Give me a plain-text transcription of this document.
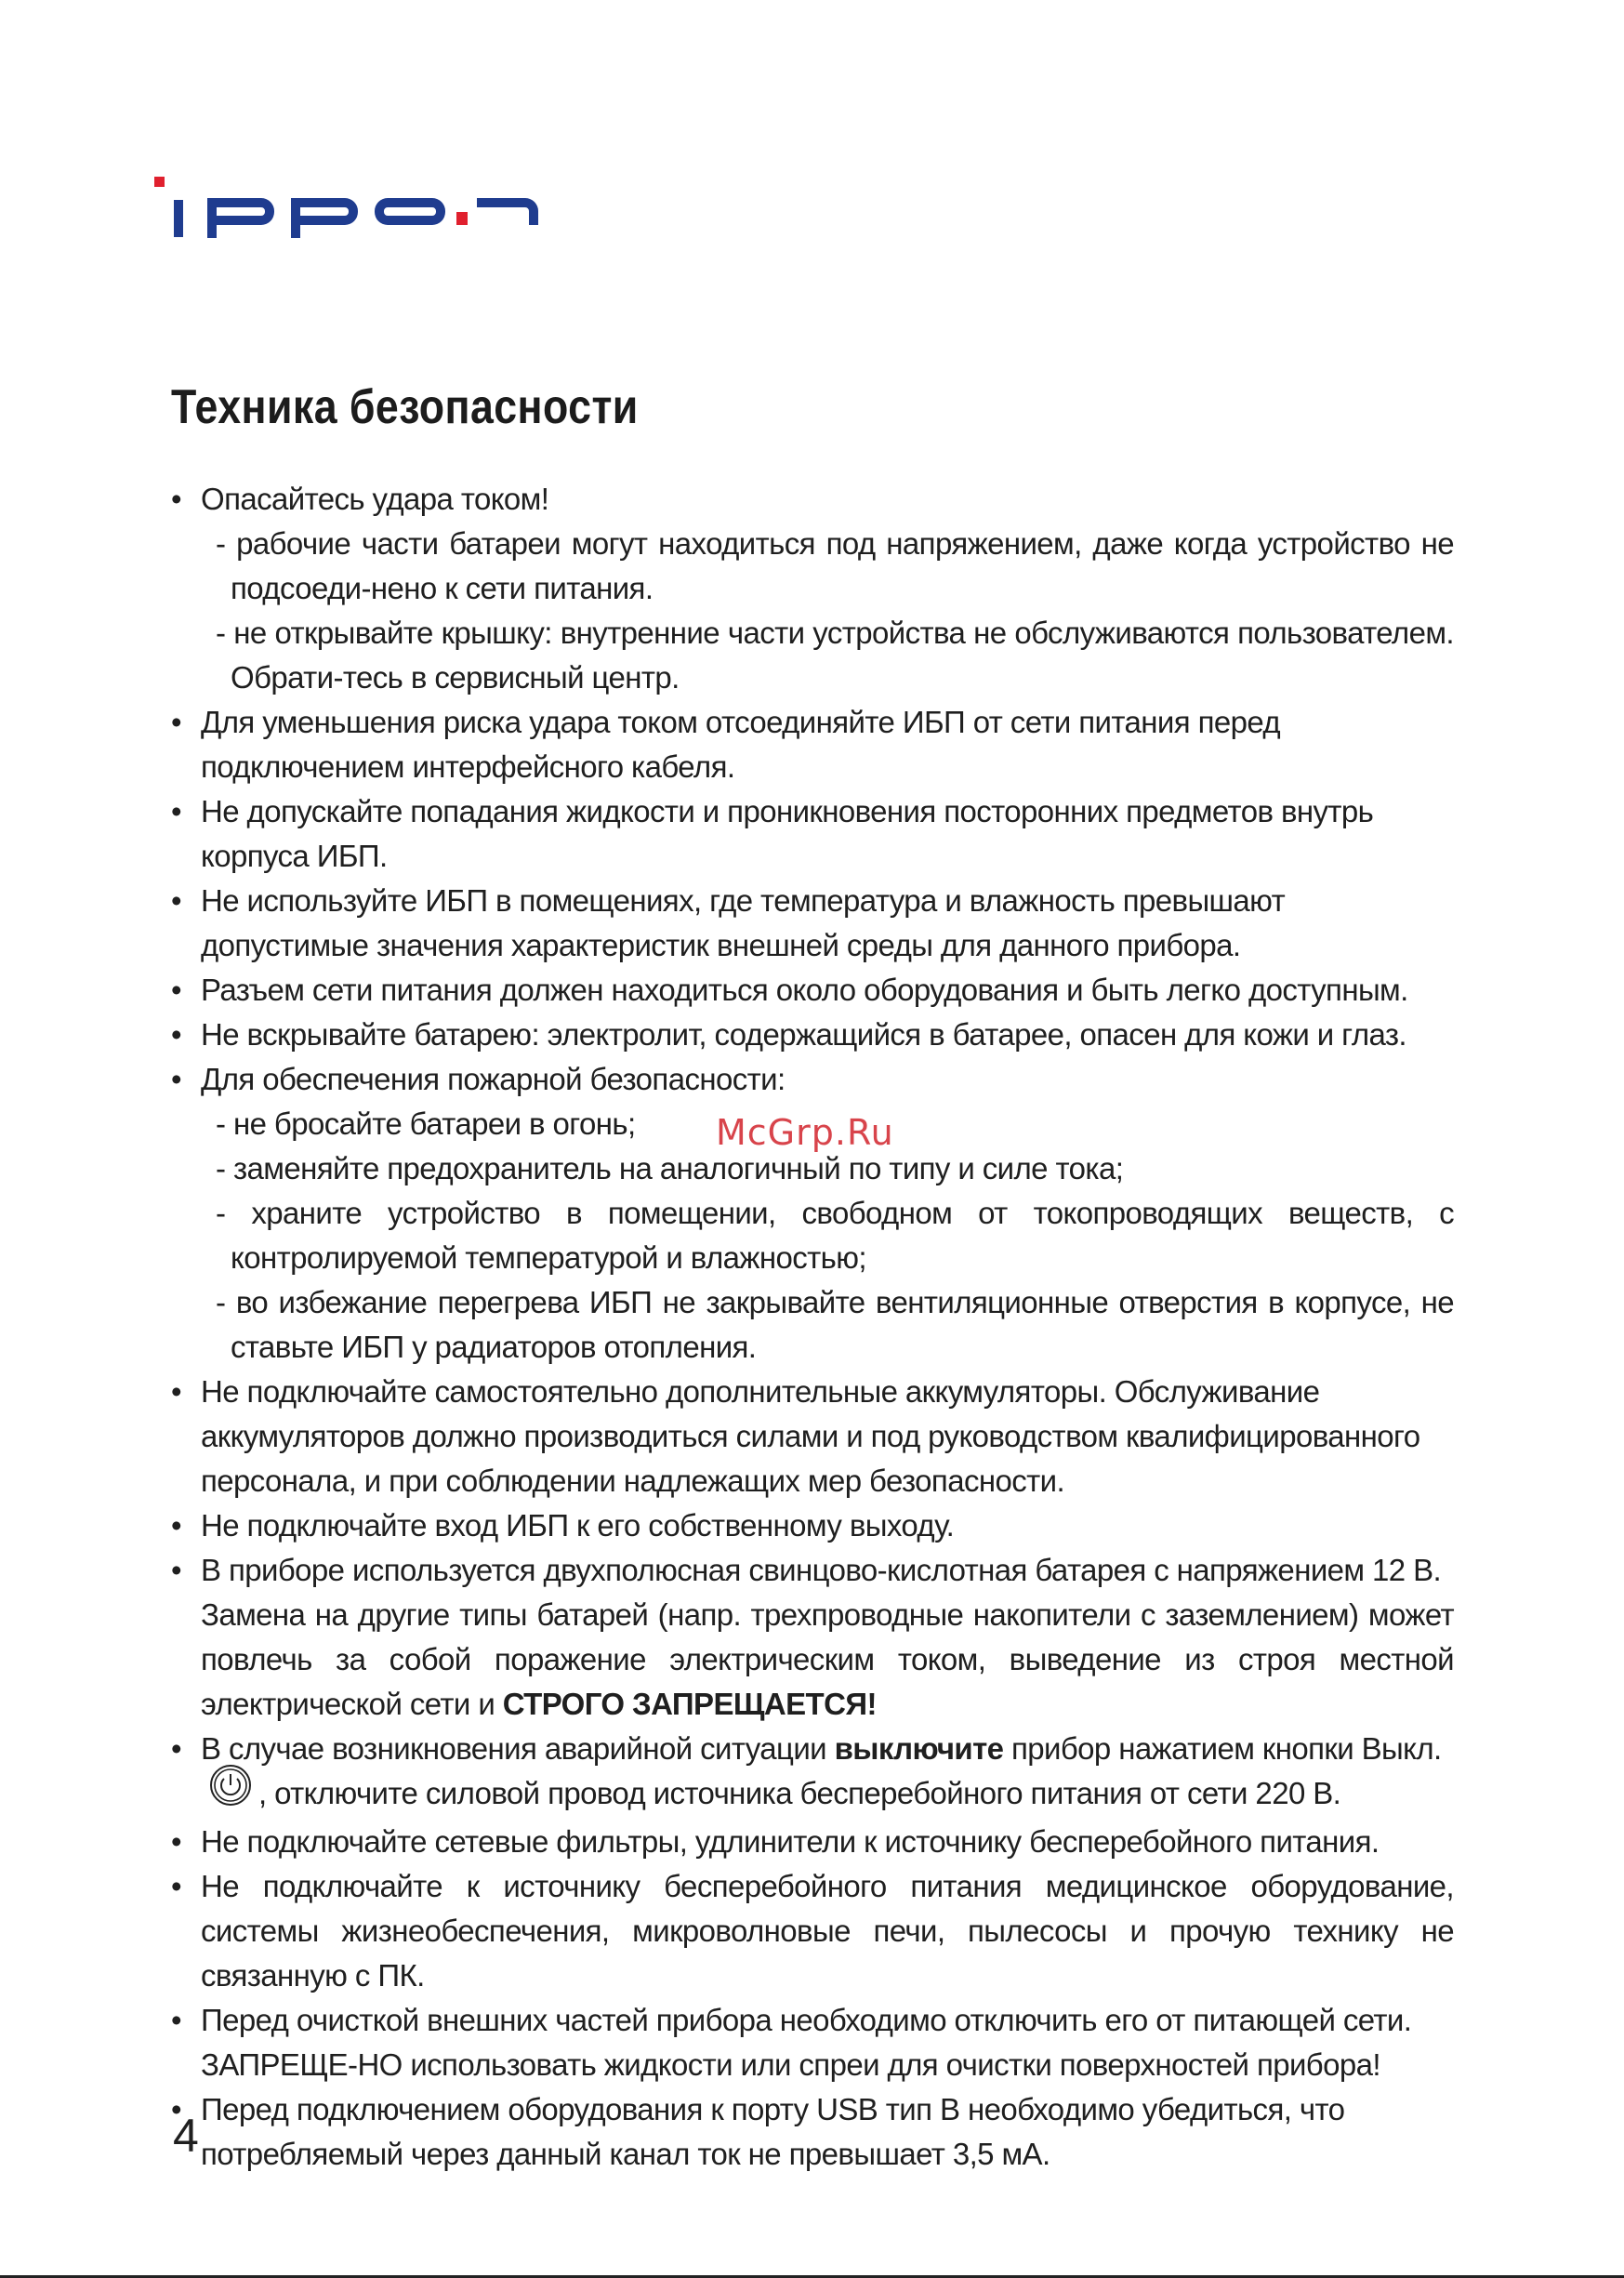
Техника безопасности
• Опасайтесь удара током!
- рабочие части батареи могут находиться под напряжением, даже когда устройство не подсоеди-нено к сети питания.
- не открывайте крышку: внутренние части устройства не обслуживаются пользователем. Обрати-тесь в сервисный центр.
• Для уменьшения риска удара током отсоединяйте ИБП от сети питания перед подключением интерфейсного кабеля.
• Не допускайте попадания жидкости и проникновения посторонних предметов внутрь корпуса ИБП.
• Не используйте ИБП в помещениях, где температура и влажность превышают допустимые значения характеристик внешней среды для данного прибора.
• Разъем сети питания должен находиться около оборудования и быть легко доступным.
• Не вскрывайте батарею: электролит, содержащийся в батарее, опасен для кожи и глаз.
• Для обеспечения пожарной безопасности:
- не бросайте батареи в огонь;
- заменяйте предохранитель на аналогичный по типу и силе тока;
- храните устройство в помещении, свободном от токопроводящих веществ, с контролируемой температурой и влажностью;
- во избежание перегрева ИБП не закрывайте вентиляционные отверстия в корпусе, не ставьте ИБП у радиаторов отопления.
• Не подключайте самостоятельно дополнительные аккумуляторы. Обслуживание аккумуляторов должно производиться силами и под руководством квалифицированного персонала, и при соблюдении надлежащих мер безопасности.
• Не подключайте вход ИБП к его собственному выходу.
• В приборе используется двухполюсная свинцово-кислотная батарея с напряжением 12 В.
Замена на другие типы батарей (напр. трехпроводные накопители с заземлением) может повлечь за собой поражение электрическим током, выведение из строя местной электрической сети и СТРОГО ЗАПРЕЩАЕТСЯ!
• В случае возникновения аварийной ситуации выключите прибор нажатием кнопки Выкл., отключите силовой провод источника бесперебойного питания от сети 220 В.
• Не подключайте сетевые фильтры, удлинители к источнику бесперебойного питания.
• Не подключайте к источнику бесперебойного питания медицинское оборудование, системы жизнеобеспечения, микроволновые печи, пылесосы и прочую технику не связанную с ПК.
• Перед очисткой внешних частей прибора необходимо отключить его от питающей сети. ЗАПРЕЩЕ-НО использовать жидкости или спреи для очистки поверхностей прибора!
• Перед подключением оборудования к порту USB тип B необходимо убедиться, что потребляемый через данный канал ток не превышает 3,5 мА.
McGrp.Ru
4
